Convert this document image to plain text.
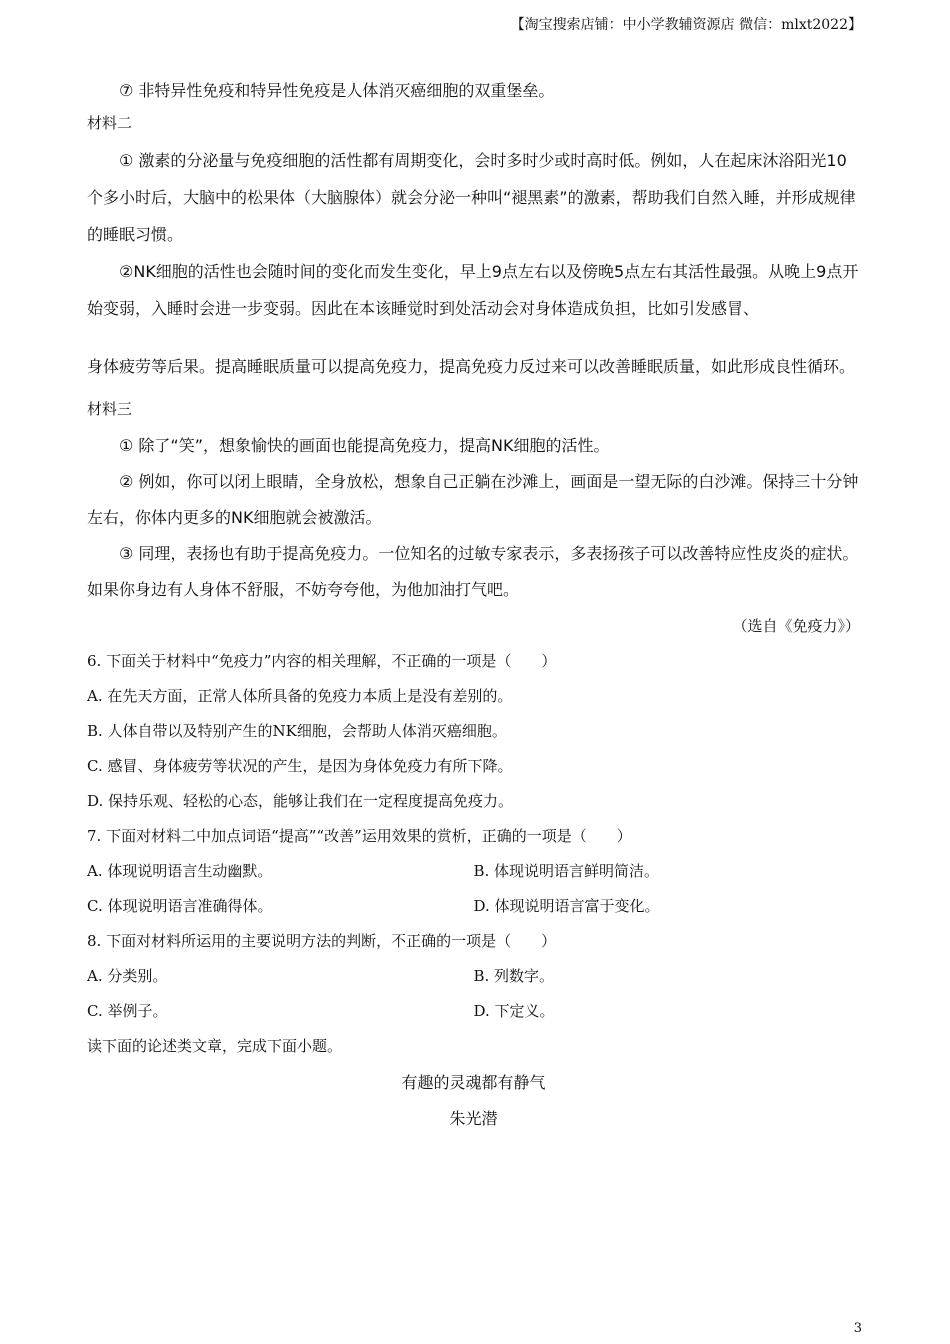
【淘宝搜索店铺：中小学教辅资源店 微信：mlxt2022】

⑦ 非特异性免疫和特异性免疫是人体消灭癌细胞的双重堡垒。

材料二

① 激素的分泌量与免疫细胞的活性都有周期变化，会时多时少或时高时低。例如，人在起床沐浴阳光10个多小时后，大脑中的松果体（大脑腺体）就会分泌一种叫“褪黑素”的激素，帮助我们自然入睡，并形成规律的睡眠习惯。

②NK细胞的活性也会随时间的变化而发生变化，早上9点左右以及傍晚5点左右其活性最强。从晚上9点开始变弱，入睡时会进一步变弱。因此在本该睡觉时到处活动会对身体造成负担，比如引发感冒、

身体疲劳等后果。提高睡眠质量可以提高免疫力，提高免疫力反过来可以改善睡眠质量，如此形成良性循环。

材料三

① 除了“笑”，想象愉快的画面也能提高免疫力，提高NK细胞的活性。

② 例如，你可以闭上眼睛，全身放松，想象自己正躺在沙滩上，画面是一望无际的白沙滩。保持三十分钟左右，你体内更多的NK细胞就会被激活。

③ 同理，表扬也有助于提高免疫力。一位知名的过敏专家表示，多表扬孩子可以改善特应性皮炎的症状。如果你身边有人身体不舒服，不妨夸夸他，为他加油打气吧。

（选自《免疫力》）

6. 下面关于材料中“免疫力”内容的相关理解，不正确的一项是（　　）

A. 在先天方面，正常人体所具备的免疫力本质上是没有差别的。

B. 人体自带以及特别产生的NK细胞，会帮助人体消灭癌细胞。

C. 感冒、身体疲劳等状况的产生，是因为身体免疫力有所下降。

D. 保持乐观、轻松的心态，能够让我们在一定程度提高免疫力。

7. 下面对材料二中加点词语“提高”“改善”运用效果的赏析，正确的一项是（　　）

A. 体现说明语言生动幽默。	B. 体现说明语言鲜明简洁。
C. 体现说明语言准确得体。	D. 体现说明语言富于变化。

8. 下面对材料所运用的主要说明方法的判断，不正确的一项是（　　）

A. 分类别。	B. 列数字。
C. 举例子。	D. 下定义。

读下面的论述类文章，完成下面小题。

有趣的灵魂都有静气

朱光潜

3
